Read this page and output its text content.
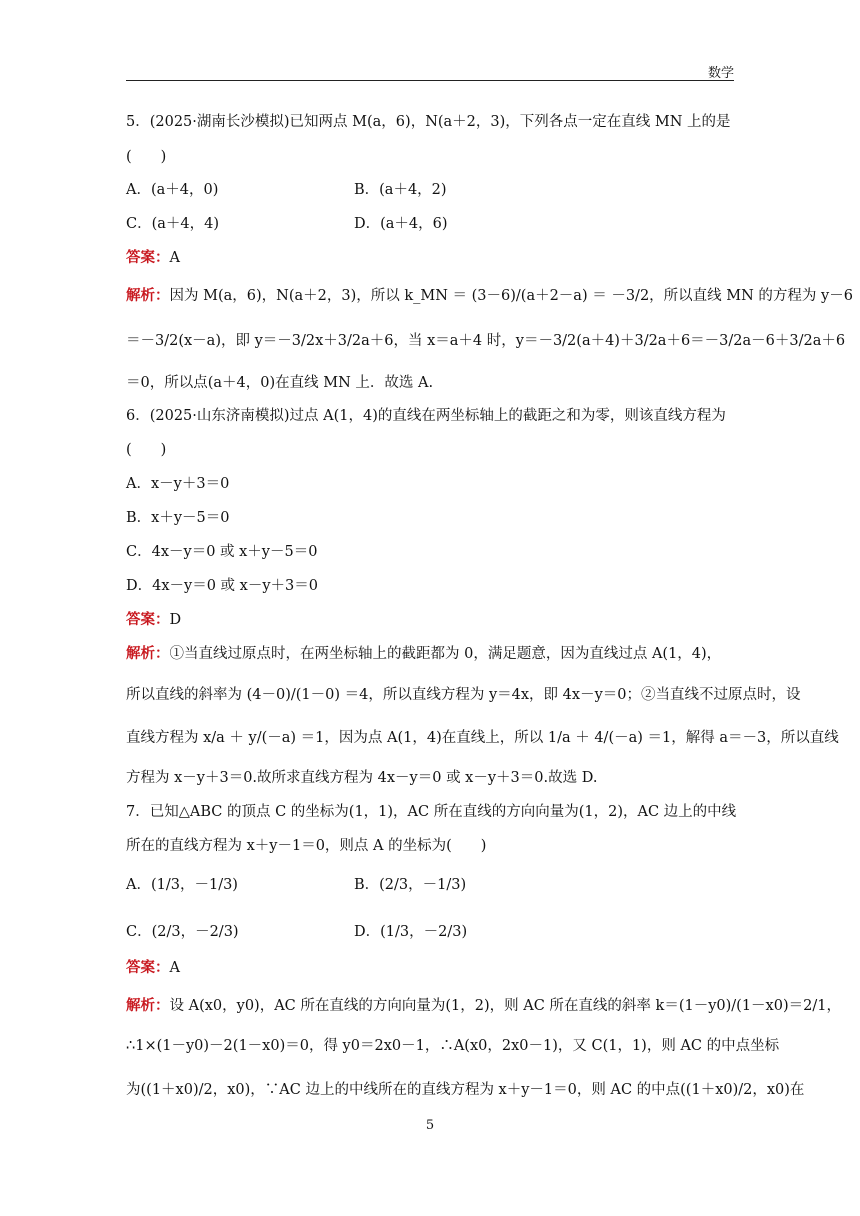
数学
5．(2025·湖南长沙模拟)已知两点 M(a，6)，N(a＋2，3)，下列各点一定在直线 MN 上的是
(　　)
A．(a＋4，0)	B．(a＋4，2)
C．(a＋4，4)	D．(a＋4，6)
答案：A
解析：因为 M(a，6)，N(a＋2，3)，所以 k_MN ＝ (3－6)/(a＋2－a) ＝ －3/2，所以直线 MN 的方程为 y－6
＝－3/2(x－a)，即 y＝－3/2x＋3/2a＋6，当 x＝a＋4 时，y＝－3/2(a＋4)＋3/2a＋6＝－3/2a－6＋3/2a＋6
＝0，所以点(a＋4，0)在直线 MN 上．故选 A.
6．(2025·山东济南模拟)过点 A(1，4)的直线在两坐标轴上的截距之和为零，则该直线方程为
(　　)
A．x－y＋3＝0
B．x＋y－5＝0
C．4x－y＝0 或 x＋y－5＝0
D．4x－y＝0 或 x－y＋3＝0
答案：D
解析：①当直线过原点时，在两坐标轴上的截距都为 0，满足题意，因为直线过点 A(1，4)，
所以直线的斜率为 (4－0)/(1－0) ＝4，所以直线方程为 y＝4x，即 4x－y＝0；②当直线不过原点时，设
直线方程为 x/a ＋ y/(－a) ＝1，因为点 A(1，4)在直线上，所以 1/a ＋ 4/(－a) ＝1，解得 a＝－3，所以直线
方程为 x－y＋3＝0.故所求直线方程为 4x－y＝0 或 x－y＋3＝0.故选 D.
7．已知△ABC 的顶点 C 的坐标为(1，1)，AC 所在直线的方向向量为(1，2)，AC 边上的中线
所在的直线方程为 x＋y－1＝0，则点 A 的坐标为(　　)
A．(1/3，－1/3)	B．(2/3，－1/3)
C．(2/3，－2/3)	D．(1/3，－2/3)
答案：A
解析：设 A(x0，y0)，AC 所在直线的方向向量为(1，2)，则 AC 所在直线的斜率 k＝(1－y0)/(1－x0)＝2/1，
∴1×(1－y0)－2(1－x0)＝0，得 y0＝2x0－1，∴A(x0，2x0－1)，又 C(1，1)，则 AC 的中点坐标
为((1＋x0)/2，x0)，∵AC 边上的中线所在的直线方程为 x＋y－1＝0，则 AC 的中点((1＋x0)/2，x0)在
5
